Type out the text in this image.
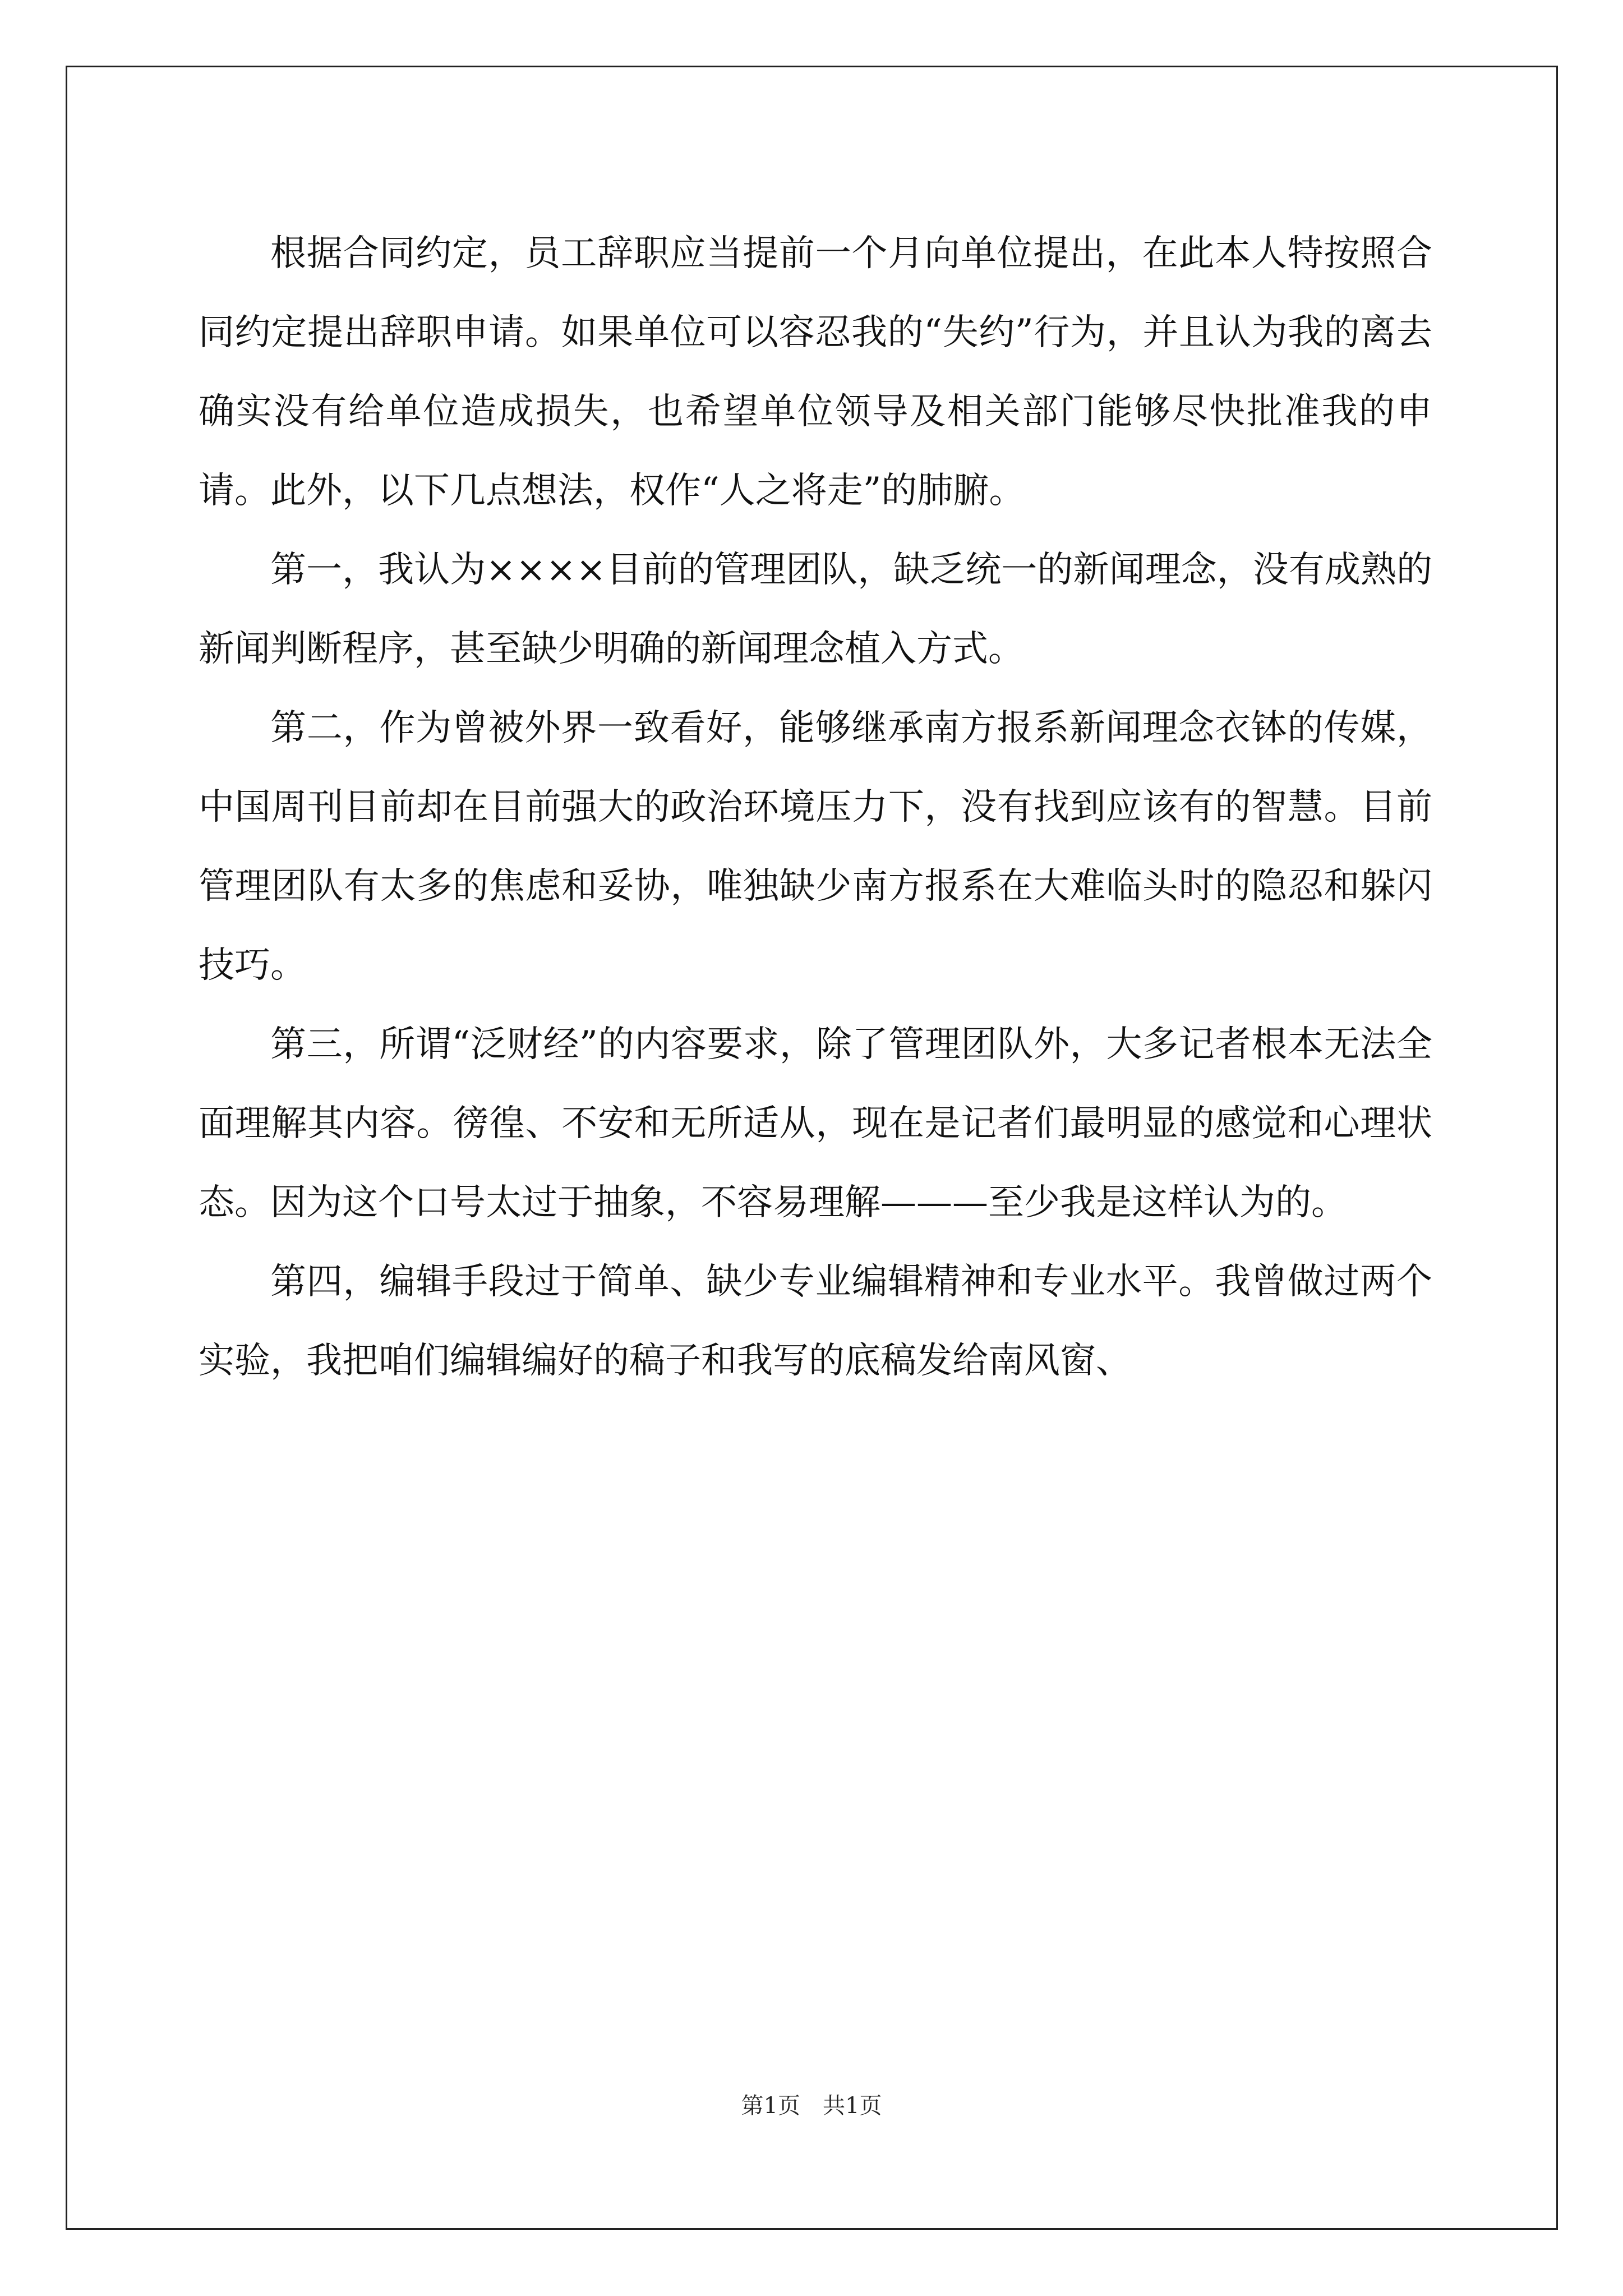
根据合同约定，员工辞职应当提前一个月向单位提出，在此本人特按照合同约定提出辞职申请。如果单位可以容忍我的“失约”行为，并且认为我的离去确实没有给单位造成损失，也希望单位领导及相关部门能够尽快批准我的申请。此外，以下几点想法，权作“人之将走”的肺腑。

第一，我认为××××目前的管理团队，缺乏统一的新闻理念，没有成熟的新闻判断程序，甚至缺少明确的新闻理念植入方式。

第二，作为曾被外界一致看好，能够继承南方报系新闻理念衣钵的传媒，中国周刊目前却在目前强大的政治环境压力下，没有找到应该有的智慧。目前管理团队有太多的焦虑和妥协，唯独缺少南方报系在大难临头时的隐忍和躲闪技巧。

第三，所谓“泛财经”的内容要求，除了管理团队外，大多记者根本无法全面理解其内容。徬徨、不安和无所适从，现在是记者们最明显的感觉和心理状态。因为这个口号太过于抽象，不容易理解———至少我是这样认为的。

第四，编辑手段过于简单、缺少专业编辑精神和专业水平。我曾做过两个实验，我把咱们编辑编好的稿子和我写的底稿发给南风窗、

第1页　共1页
